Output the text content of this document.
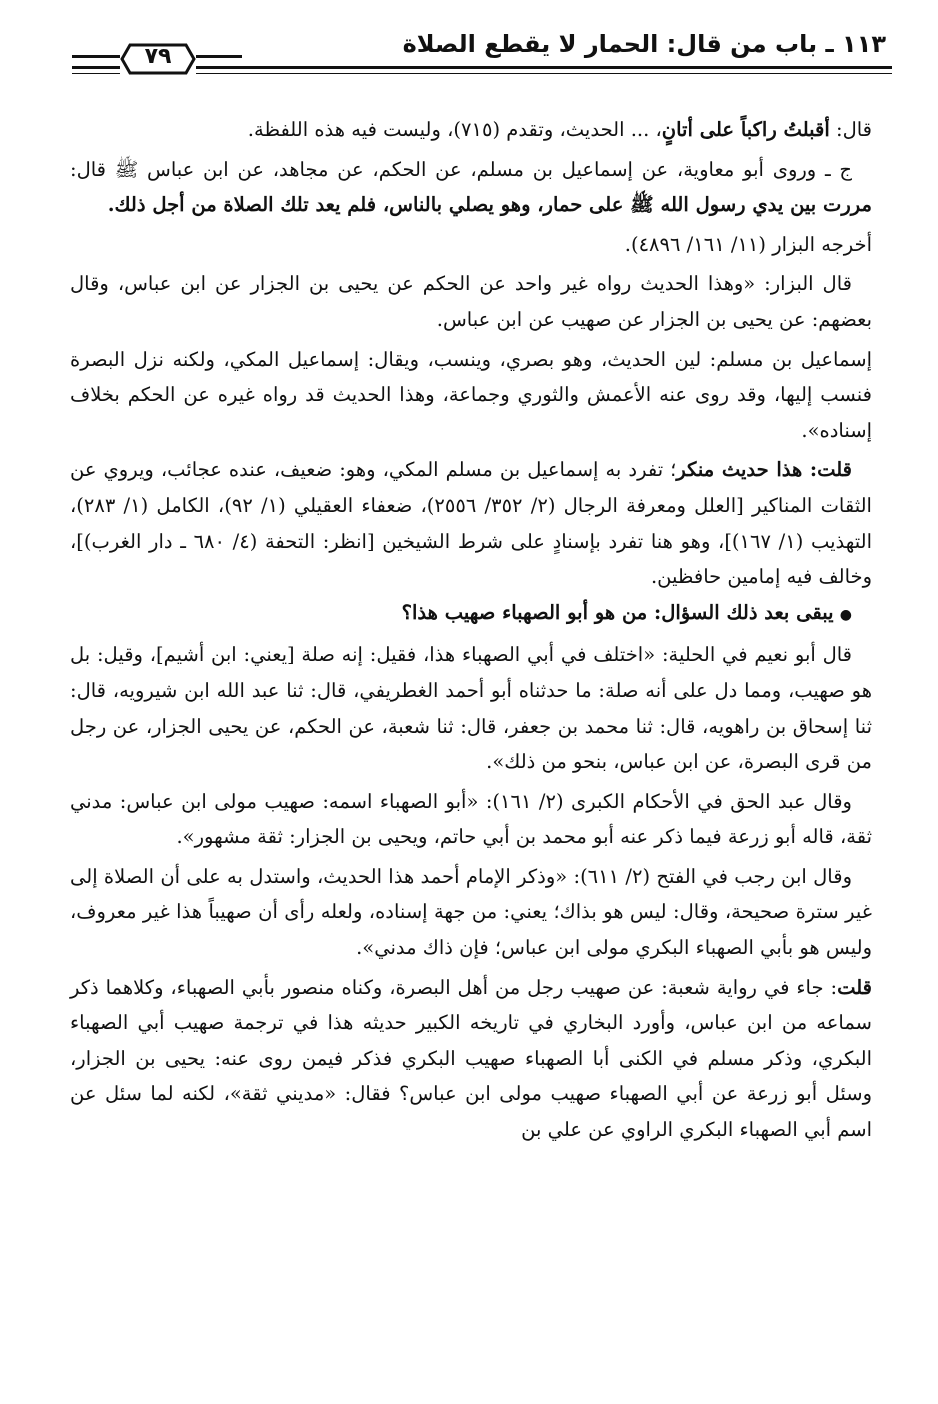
١١٣ ـ باب من قال: الحمار لا يقطع الصلاة
٧٩

قال: أقبلتُ راكباً على أتانٍ، ... الحديث، وتقدم (٧١٥)، وليست فيه هذه اللفظة.

ج ـ وروى أبو معاوية، عن إسماعيل بن مسلم، عن الحكم، عن مجاهد، عن ابن عباس ﷺ قال: مررت بين يدي رسول الله ﷺ على حمار، وهو يصلي بالناس، فلم يعد تلك الصلاة من أجل ذلك.

أخرجه البزار (١١/ ١٦١/ ٤٨٩٦).

قال البزار: «وهذا الحديث رواه غير واحد عن الحكم عن يحيى بن الجزار عن ابن عباس، وقال بعضهم: عن يحيى بن الجزار عن صهيب عن ابن عباس.

إسماعيل بن مسلم: لين الحديث، وهو بصري، وينسب، ويقال: إسماعيل المكي، ولكنه نزل البصرة فنسب إليها، وقد روى عنه الأعمش والثوري وجماعة، وهذا الحديث قد رواه غيره عن الحكم بخلاف إسناده».

قلت: هذا حديث منكر؛ تفرد به إسماعيل بن مسلم المكي، وهو: ضعيف، عنده عجائب، ويروي عن الثقات المناكير [العلل ومعرفة الرجال (٢/ ٣٥٢/ ٢٥٥٦)، ضعفاء العقيلي (١/ ٩٢)، الكامل (١/ ٢٨٣)، التهذيب (١/ ١٦٧)]، وهو هنا تفرد بإسنادٍ على شرط الشيخين [انظر: التحفة (٤/ ٦٨٠ ـ دار الغرب)]، وخالف فيه إمامين حافظين.

● يبقى بعد ذلك السؤال: من هو أبو الصهباء صهيب هذا؟

قال أبو نعيم في الحلية: «اختلف في أبي الصهباء هذا، فقيل: إنه صلة [يعني: ابن أشيم]، وقيل: بل هو صهيب، ومما دل على أنه صلة: ما حدثناه أبو أحمد الغطريفي، قال: ثنا عبد الله ابن شيرويه، قال: ثنا إسحاق بن راهويه، قال: ثنا محمد بن جعفر، قال: ثنا شعبة، عن الحكم، عن يحيى الجزار، عن رجل من قرى البصرة، عن ابن عباس، بنحو من ذلك».

وقال عبد الحق في الأحكام الكبرى (٢/ ١٦١): «أبو الصهباء اسمه: صهيب مولى ابن عباس: مدني ثقة، قاله أبو زرعة فيما ذكر عنه أبو محمد بن أبي حاتم، ويحيى بن الجزار: ثقة مشهور».

وقال ابن رجب في الفتح (٢/ ٦١١): «وذكر الإمام أحمد هذا الحديث، واستدل به على أن الصلاة إلى غير سترة صحيحة، وقال: ليس هو بذاك؛ يعني: من جهة إسناده، ولعله رأى أن صهيباً هذا غير معروف، وليس هو بأبي الصهباء البكري مولى ابن عباس؛ فإن ذاك مدني».

قلت: جاء في رواية شعبة: عن صهيب رجل من أهل البصرة، وكناه منصور بأبي الصهباء، وكلاهما ذكر سماعه من ابن عباس، وأورد البخاري في تاريخه الكبير حديثه هذا في ترجمة صهيب أبي الصهباء البكري، وذكر مسلم في الكنى أبا الصهباء صهيب البكري فذكر فيمن روى عنه: يحيى بن الجزار، وسئل أبو زرعة عن أبي الصهباء صهيب مولى ابن عباس؟ فقال: «مديني ثقة»، لكنه لما سئل عن اسم أبي الصهباء البكري الراوي عن علي بن
